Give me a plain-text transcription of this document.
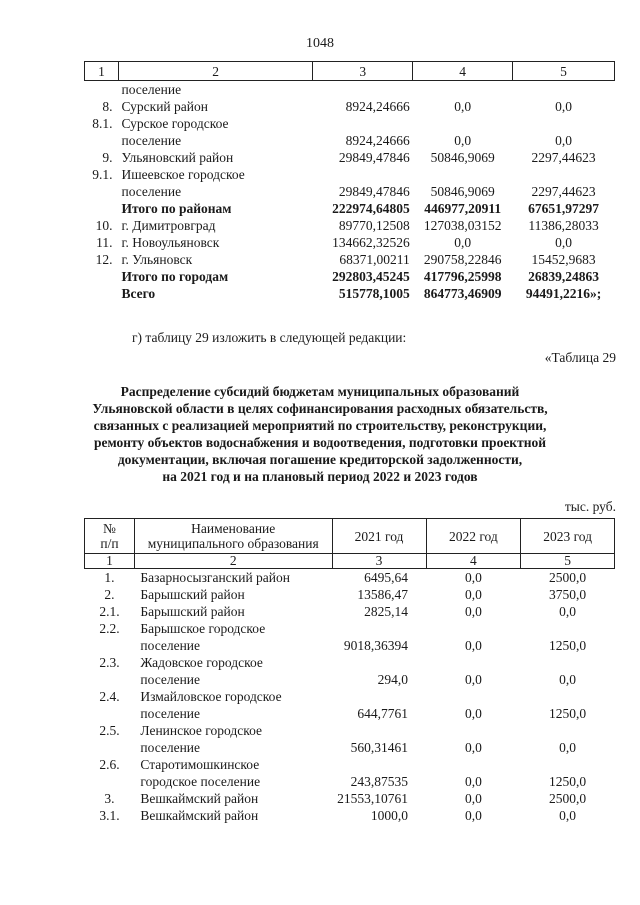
1048
1	2	3	4	5
	поселение			
8.	Сурский район	8924,24666	0,0	0,0
8.1.	Сурское городское
поселение	8924,24666	0,0	0,0
9.	Ульяновский район	29849,47846	50846,9069	2297,44623
9.1.	Ишеевское городское
поселение	29849,47846	50846,9069	2297,44623
	Итого по районам	222974,64805	446977,20911	67651,97297
10.	г. Димитровград	89770,12508	127038,03152	11386,28033
11.	г. Новоульяновск	134662,32526	0,0	0,0
12.	г. Ульяновск	68371,00211	290758,22846	15452,9683
	Итого по городам	292803,45245	417796,25998	26839,24863
	Всего	515778,1005	864773,46909	94491,2216»;
г) таблицу 29 изложить в следующей редакции:
«Таблица 29
Распределение субсидий бюджетам муниципальных образований
Ульяновской области в целях софинансирования расходных обязательств,
связанных с реализацией мероприятий по строительству, реконструкции,
ремонту объектов водоснабжения и водоотведения, подготовки проектной
документации, включая погашение кредиторской задолженности,
на 2021 год и на плановый период 2022 и 2023 годов
тыс. руб.
№
п/п	Наименование
муниципального образования	2021 год	2022 год	2023 год
1	2	3	4	5
1.	Базарносызганский район	6495,64	0,0	2500,0
2.	Барышский район	13586,47	0,0	3750,0
2.1.	Барышский район	2825,14	0,0	0,0
2.2.	Барышское городское
поселение	9018,36394	0,0	1250,0
2.3.	Жадовское городское
поселение	294,0	0,0	0,0
2.4.	Измайловское городское
поселение	644,7761	0,0	1250,0
2.5.	Ленинское городское
поселение	560,31461	0,0	0,0
2.6.	Старотимошкинское
городское поселение	243,87535	0,0	1250,0
3.	Вешкаймский район	21553,10761	0,0	2500,0
3.1.	Вешкаймский район	1000,0	0,0	0,0
